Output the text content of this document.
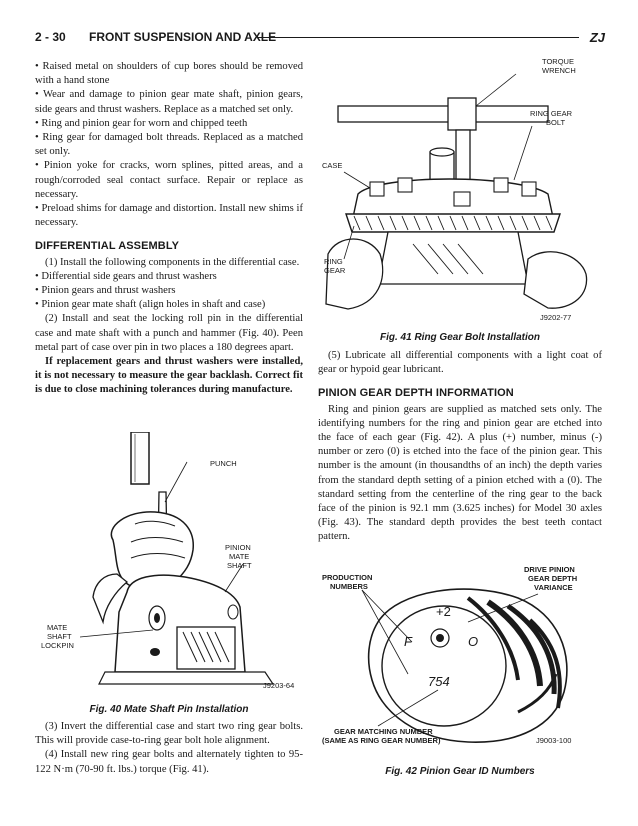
2 - 30 FRONT SUSPENSION AND AXLE	ZJ

• Raised metal on shoulders of cup bores should be removed with a hand stone

• Wear and damage to pinion gear mate shaft, pinion gears, side gears and thrust washers. Replace as a matched set only.

• Ring and pinion gear for worn and chipped teeth

• Ring gear for damaged bolt threads. Replaced as a matched set only.

• Pinion yoke for cracks, worn splines, pitted areas, and a rough/corroded seal contact surface. Repair or replace as necessary.

• Preload shims for damage and distortion. Install new shims if necessary.

DIFFERENTIAL ASSEMBLY

(1) Install the following components in the differential case.

• Differential side gears and thrust washers

• Pinion gears and thrust washers

• Pinion gear mate shaft (align holes in shaft and case)

(2) Install and seat the locking roll pin in the differential case and mate shaft with a punch and hammer (Fig. 40). Peen metal part of case over pin in two places a 180 degrees apart.

If replacement gears and thrust washers were installed, it is not necessary to measure the gear backlash. Correct fit is due to close machining tolerances during manufacture.

PUNCH
PINION
MATE
SHAFT
MATE
SHAFT
LOCKPIN
J9203-64
Fig. 40 Mate Shaft Pin Installation

(3) Invert the differential case and start two ring gear bolts. This will provide case-to-ring gear bolt hole alignment.

(4) Install new ring gear bolts and alternately tighten to 95-122 N·m (70-90 ft. lbs.) torque (Fig. 41).

TORQUE
WRENCH
RING GEAR
BOLT
CASE
RING
GEAR
J9202-77
Fig. 41 Ring Gear Bolt Installation

(5) Lubricate all differential components with a light coat of gear or hypoid gear lubricant.

PINION GEAR DEPTH INFORMATION

Ring and pinion gears are supplied as matched sets only. The identifying numbers for the ring and pinion gear are etched into the face of each gear (Fig. 42). A plus (+) number, minus (-) number or zero (0) is etched into the face of the pinion gear. This number is the amount (in thousandths of an inch) the depth varies from the standard depth setting of a pinion etched with a (0). The standard setting from the centerline of the ring gear to the back face of the pinion is 92.1 mm (3.625 inches) for Model 30 axles (Fig. 43). The standard depth provides the best teeth contact pattern.

+2
F	O
754
PRODUCTION
NUMBERS
DRIVE PINION
GEAR DEPTH
VARIANCE
GEAR MATCHING NUMBER
(SAME AS RING GEAR NUMBER)	J9003-100
Fig. 42 Pinion Gear ID Numbers
